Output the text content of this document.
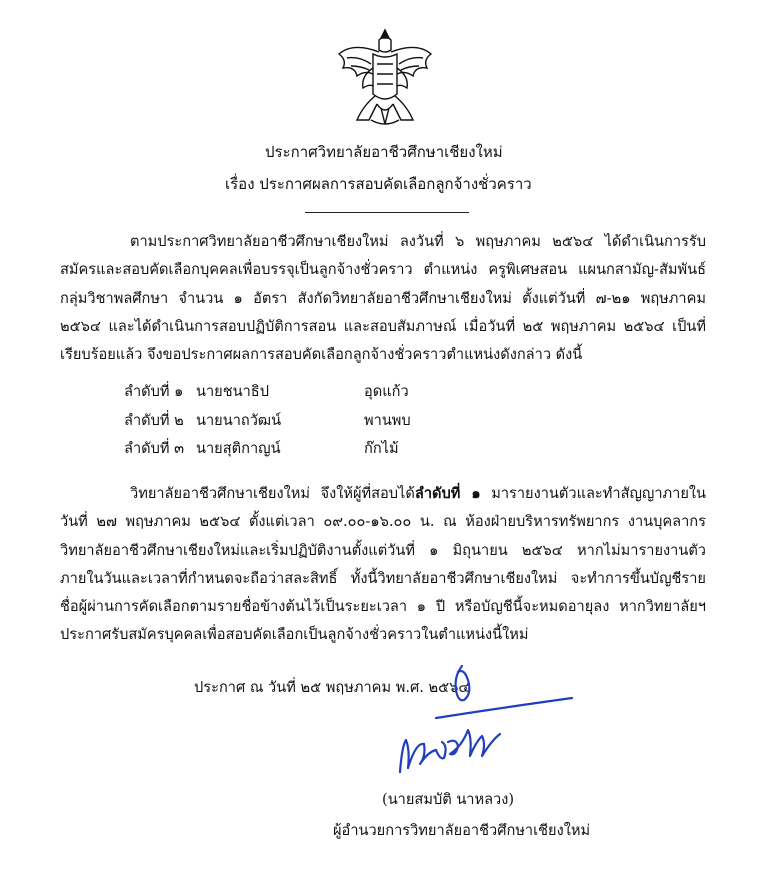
ประกาศวิทยาลัยอาชีวศึกษาเชียงใหม่
เรื่อง ประกาศผลการสอบคัดเลือกลูกจ้างชั่วคราว

ตามประกาศวิทยาลัยอาชีวศึกษาเชียงใหม่ ลงวันที่ ๖ พฤษภาคม ๒๕๖๔ ได้ดำเนินการรับสมัครและสอบคัดเลือกบุคคลเพื่อบรรจุเป็นลูกจ้างชั่วคราว ตำแหน่ง ครูพิเศษสอน แผนกสามัญ-สัมพันธ์ กลุ่มวิชาพลศึกษา จำนวน ๑ อัตรา สังกัดวิทยาลัยอาชีวศึกษาเชียงใหม่ ตั้งแต่วันที่ ๗-๒๑ พฤษภาคม ๒๕๖๔ และได้ดำเนินการสอบปฏิบัติการสอน และสอบสัมภาษณ์ เมื่อวันที่ ๒๕ พฤษภาคม ๒๕๖๔ เป็นที่เรียบร้อยแล้ว จึงขอประกาศผลการสอบคัดเลือกลูกจ้างชั่วคราวตำแหน่งดังกล่าว ดังนี้

ลำดับที่ ๑ นายชนาธิป	อุดแก้ว
ลำดับที่ ๒ นายนาถวัฒน์	พานพบ
ลำดับที่ ๓ นายสุติกาญน์	ก๊กไม้

วิทยาลัยอาชีวศึกษาเชียงใหม่ จึงให้ผู้ที่สอบได้ลำดับที่ ๑ มารายงานตัวและทำสัญญาภายในวันที่ ๒๗ พฤษภาคม ๒๕๖๔ ตั้งแต่เวลา ๐๙.๐๐-๑๖.๐๐ น. ณ ห้องฝ่ายบริหารทรัพยากร งานบุคลากร วิทยาลัยอาชีวศึกษาเชียงใหม่และเริ่มปฏิบัติงานตั้งแต่วันที่ ๑ มิถุนายน ๒๕๖๔ หากไม่มารายงานตัวภายในวันและเวลาที่กำหนดจะถือว่าสละสิทธิ์ ทั้งนี้วิทยาลัยอาชีวศึกษาเชียงใหม่ จะทำการขึ้นบัญชีรายชื่อผู้ผ่านการคัดเลือกตามรายชื่อข้างต้นไว้เป็นระยะเวลา ๑ ปี หรือบัญชีนี้จะหมดอายุลง หากวิทยาลัยฯ ประกาศรับสมัครบุคคลเพื่อสอบคัดเลือกเป็นลูกจ้างชั่วคราวในตำแหน่งนี้ใหม่

ประกาศ ณ วันที่ ๒๕ พฤษภาคม พ.ศ. ๒๕๖๔
(นายสมบัติ นาหลวง)
ผู้อำนวยการวิทยาลัยอาชีวศึกษาเชียงใหม่
